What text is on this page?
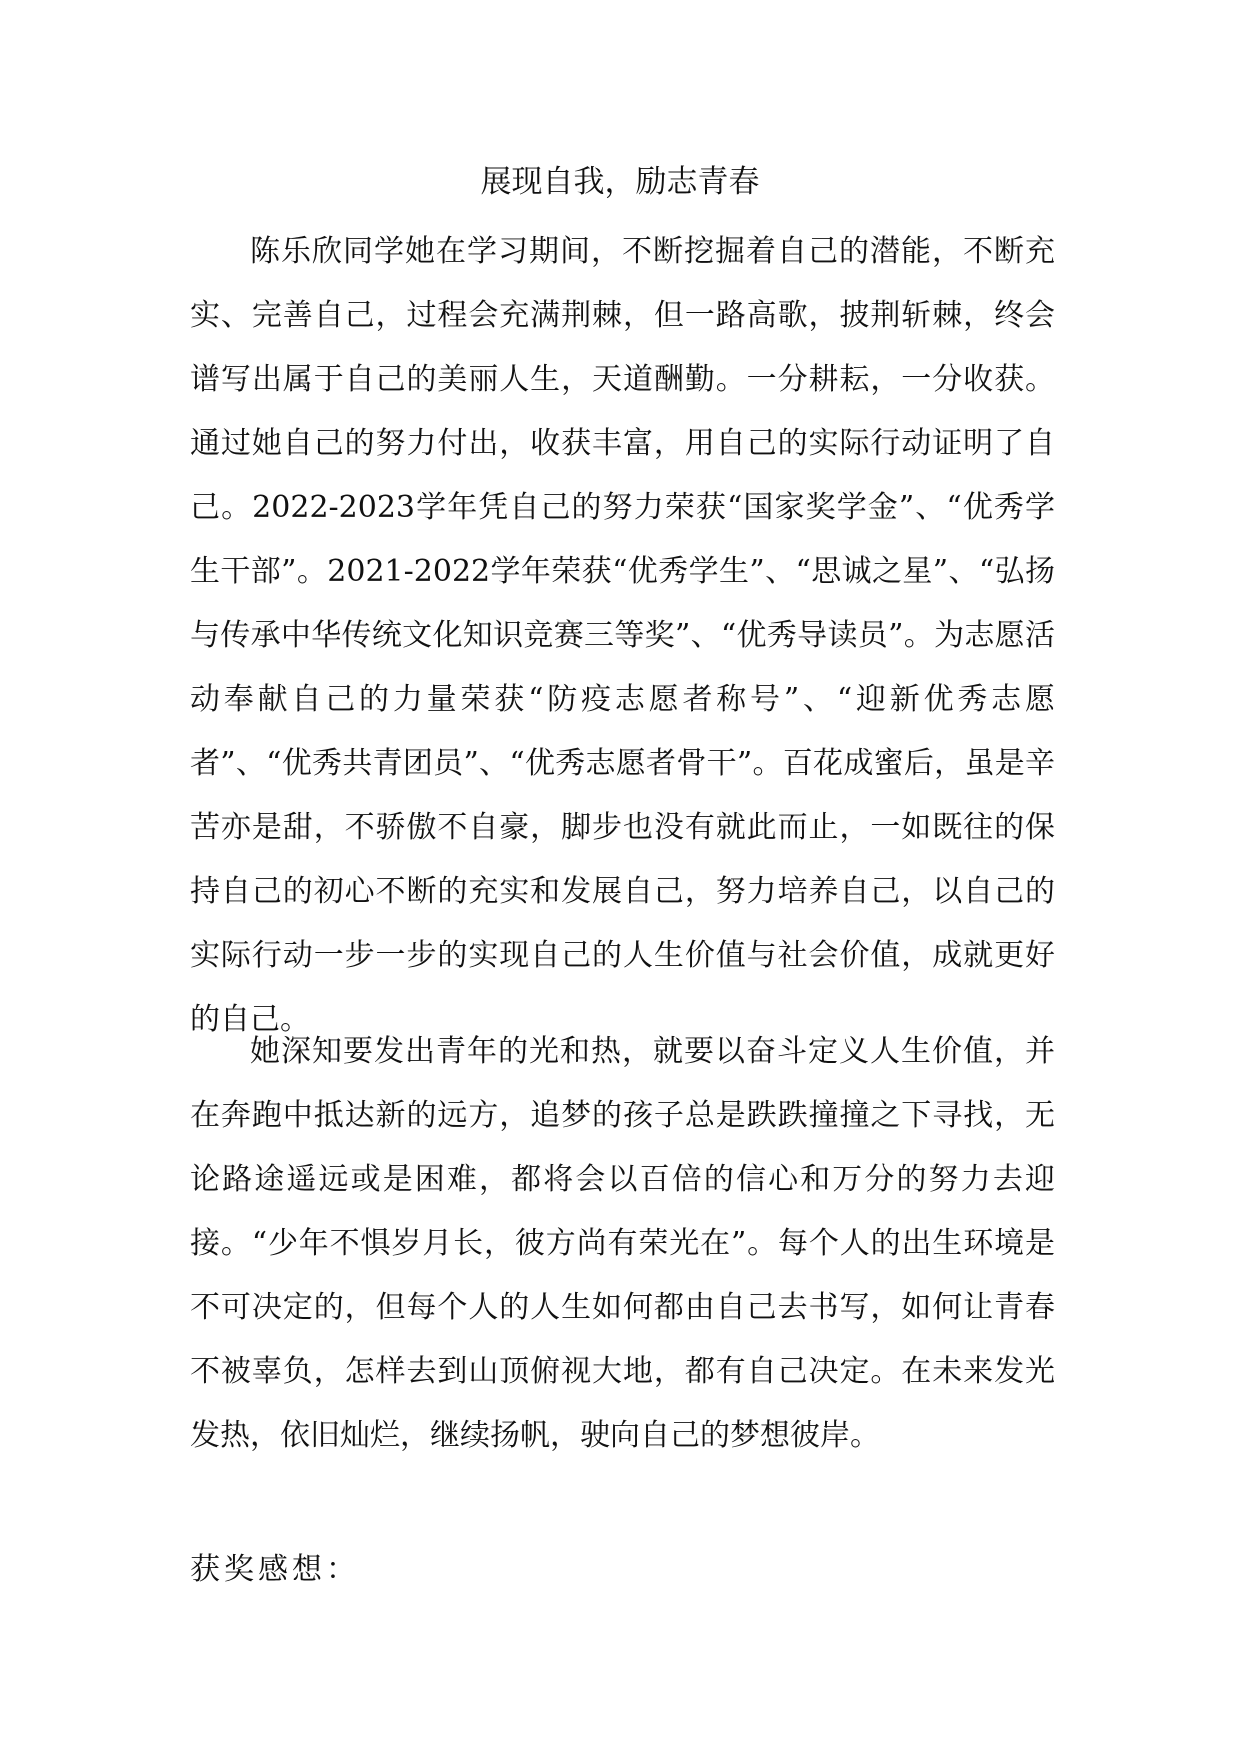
展现自我，励志青春

陈乐欣同学她在学习期间，不断挖掘着自己的潜能，不断充实、完善自己，过程会充满荆棘，但一路高歌，披荆斩棘，终会谱写出属于自己的美丽人生，天道酬勤。一分耕耘，一分收获。通过她自己的努力付出，收获丰富，用自己的实际行动证明了自己。2022-2023学年凭自己的努力荣获“国家奖学金”、“优秀学生干部”。2021-2022学年荣获“优秀学生”、“思诚之星”、“弘扬与传承中华传统文化知识竞赛三等奖”、“优秀导读员”。为志愿活动奉献自己的力量荣获“防疫志愿者称号”、“迎新优秀志愿者”、“优秀共青团员”、“优秀志愿者骨干”。百花成蜜后，虽是辛苦亦是甜，不骄傲不自豪，脚步也没有就此而止，一如既往的保持自己的初心不断的充实和发展自己，努力培养自己，以自己的实际行动一步一步的实现自己的人生价值与社会价值，成就更好的自己。

她深知要发出青年的光和热，就要以奋斗定义人生价值，并在奔跑中抵达新的远方，追梦的孩子总是跌跌撞撞之下寻找，无论路途遥远或是困难，都将会以百倍的信心和万分的努力去迎接。“少年不惧岁月长，彼方尚有荣光在”。每个人的出生环境是不可决定的，但每个人的人生如何都由自己去书写，如何让青春不被辜负，怎样去到山顶俯视大地，都有自己决定。在未来发光发热，依旧灿烂，继续扬帆，驶向自己的梦想彼岸。

获奖感想：
